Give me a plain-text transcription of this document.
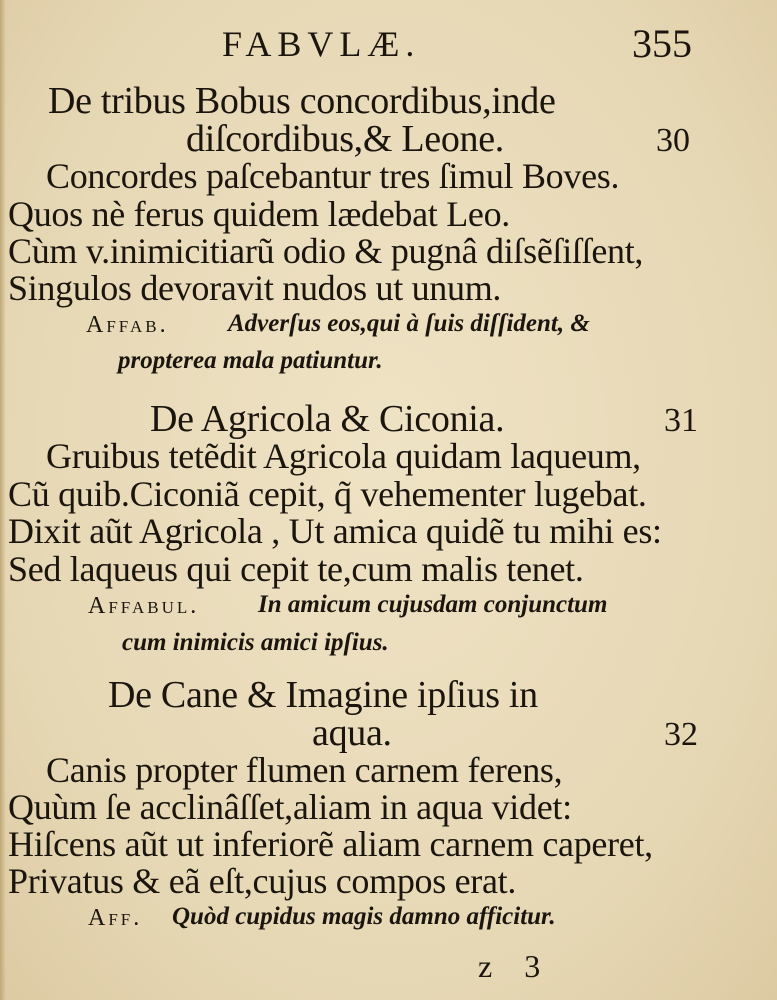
FABVLÆ.	355
De tribus Bobus concordibus,inde
diſcordibus,& Leone.	30
Concordes paſcebantur tres ſimul Boves.
Quos nè ferus quidem lædebat Leo.
Cùm v.inimicitiarũ odio & pugnâ diſsẽſiſſent,
Singulos devoravit nudos ut unum.
Affab. Adverſus eos,qui à ſuis diſſident, &
propterea mala patiuntur.
De Agricola & Ciconia.	31
Gruibus tetẽdit Agricola quidam laqueum,
Cũ quib.Ciconiã cepit, q̃ vehementer lugebat.
Dixit aũt Agricola , Ut amica quidẽ tu mihi es:
Sed laqueus qui cepit te,cum malis tenet.
Affabul. In amicum cujusdam conjunctum
cum inimicis amici ipſius.
De Cane & Imagine ipſius in
aqua.	32
Canis propter flumen carnem ferens,
Quùm ſe acclinâſſet,aliam in aqua videt:
Hiſcens aũt ut inferiorẽ aliam carnem caperet,
Privatus & eã eſt,cujus compos erat.
Aff. Quòd cupidus magis damno afficitur.
z 3
